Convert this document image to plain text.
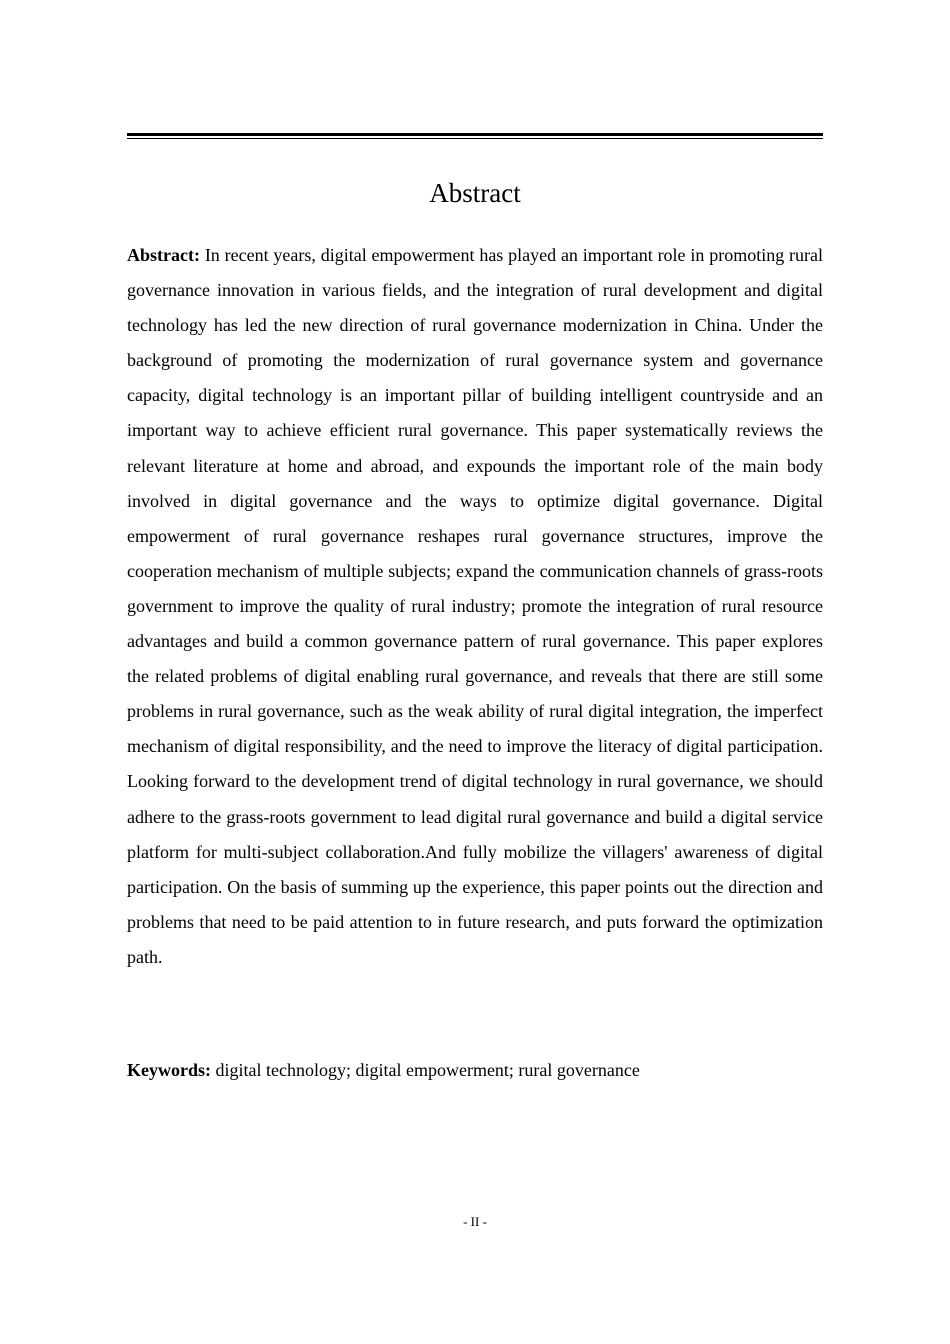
Abstract

Abstract: In recent years, digital empowerment has played an important role in promoting rural governance innovation in various fields, and the integration of rural development and digital technology has led the new direction of rural governance modernization in China. Under the background of promoting the modernization of rural governance system and governance capacity, digital technology is an important pillar of building intelligent countryside and an important way to achieve efficient rural governance. This paper systematically reviews the relevant literature at home and abroad, and expounds the important role of the main body involved in digital governance and the ways to optimize digital governance. Digital empowerment of rural governance reshapes rural governance structures, improve the cooperation mechanism of multiple subjects; expand the communication channels of grass-roots government to improve the quality of rural industry; promote the integration of rural resource advantages and build a common governance pattern of rural governance. This paper explores the related problems of digital enabling rural governance, and reveals that there are still some problems in rural governance, such as the weak ability of rural digital integration, the imperfect mechanism of digital responsibility, and the need to improve the literacy of digital participation. Looking forward to the development trend of digital technology in rural governance, we should adhere to the grass-roots government to lead digital rural governance and build a digital service platform for multi-subject collaboration.And fully mobilize the villagers' awareness of digital participation. On the basis of summing up the experience, this paper points out the direction and problems that need to be paid attention to in future research, and puts forward the optimization path.

Keywords: digital technology; digital empowerment; rural governance

- II -
